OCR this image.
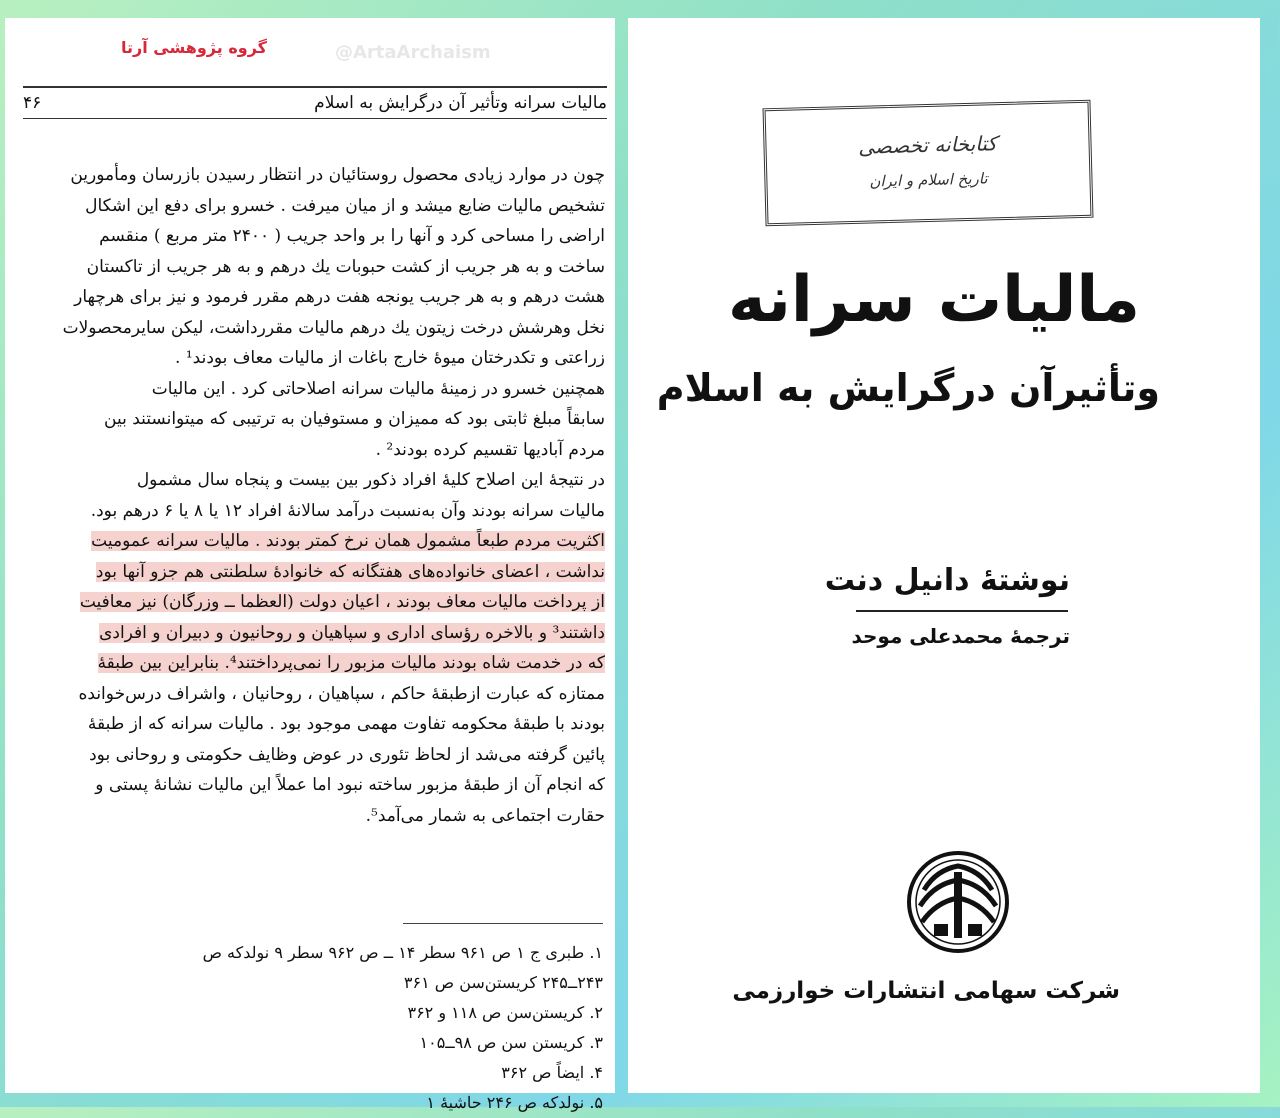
گروه پژوهشی آرتا	@ArtaArchaism
مالیات سرانه وتأثیر آن درگرایش به اسلام
۴۶
چون در موارد زیادی محصول روستائیان در انتظار رسیدن بازرسان ومأمورین
تشخیص مالیات ضایع میشد و از میان میرفت . خسرو برای دفع این اشکال
اراضی را مساحی کرد و آنها را بر واحد جریب ( ۲۴۰۰ متر مربع ) منقسم
ساخت و به هر جریب از کشت حبوبات یك درهم و به هر جریب از تاکستان
هشت درهم و به هر جریب یونجه هفت درهم مقرر فرمود و نیز برای هرچهار
نخل وهرشش درخت زیتون یك درهم مالیات مقررداشت، لیکن سایرمحصولات
زراعتی و تكدرختان میوهٔ خارج باغات از مالیات معاف بودند¹ .
همچنین خسرو در زمینهٔ مالیات سرانه اصلاحاتی کرد . این مالیات
سابقاً مبلغ ثابتی بود که ممیزان و مستوفیان به ترتیبی که میتوانستند بین
مردم آبادیها تقسیم کرده بودند² .
در نتیجهٔ این اصلاح کلیهٔ افراد ذکور بین بیست و پنجاه سال مشمول
مالیات سرانه بودند وآن به‌نسبت درآمد سالانهٔ افراد ۱۲ یا ۸ یا ۶ درهم بود.
اکثریت مردم طبعاً مشمول همان نرخ کمتر بودند . مالیات سرانه عمومیت
نداشت ، اعضای خانواده‌های هفتگانه که خانوادهٔ سلطنتی هم جزو آنها بود
از پرداخت مالیات معاف بودند ، اعیان دولت (العظما ــ وزرگان) نیز معافیت
داشتند³ و بالاخره رؤسای اداری و سپاهیان و روحانیون و دبیران و افرادی
که در خدمت شاه بودند مالیات مزبور را نمی‌پرداختند⁴. بنابراین بین طبقهٔ
ممتازه که عبارت ازطبقهٔ حاکم ، سپاهیان ، روحانیان ، واشراف درس‌خوانده
بودند با طبقهٔ محکومه تفاوت مهمی موجود بود . مالیات سرانه که از طبقهٔ
پائین گرفته می‌شد از لحاظ تئوری در عوض وظایف حکومتی و روحانی بود
که انجام آن از طبقهٔ مزبور ساخته نبود اما عملاً این مالیات نشانهٔ پستی و
حقارت اجتماعی به شمار می‌آمد⁵.
۱. طبری ج ۱ ص ۹۶۱ سطر ۱۴ ــ ص ۹۶۲ سطر ۹ نولدکه ص
۲۴۳ــ۲۴۵ کریستن‌سن ص ۳۶۱
۲. کریستن‌سن ص ۱۱۸ و ۳۶۲
۳. کریستن سن ص ۹۸ــ۱۰۵
۴. ایضاً ص ۳۶۲
۵. نولدکه ص ۲۴۶ حاشیهٔ ۱
کتابخانه تخصصی
تاریخ اسلام و ایران
مالیات سرانه
وتأثیرآن درگرایش به اسلام
نوشتهٔ دانیل دنت
ترجمهٔ محمدعلی موحد
شرکت سهامی انتشارات خوارزمی
